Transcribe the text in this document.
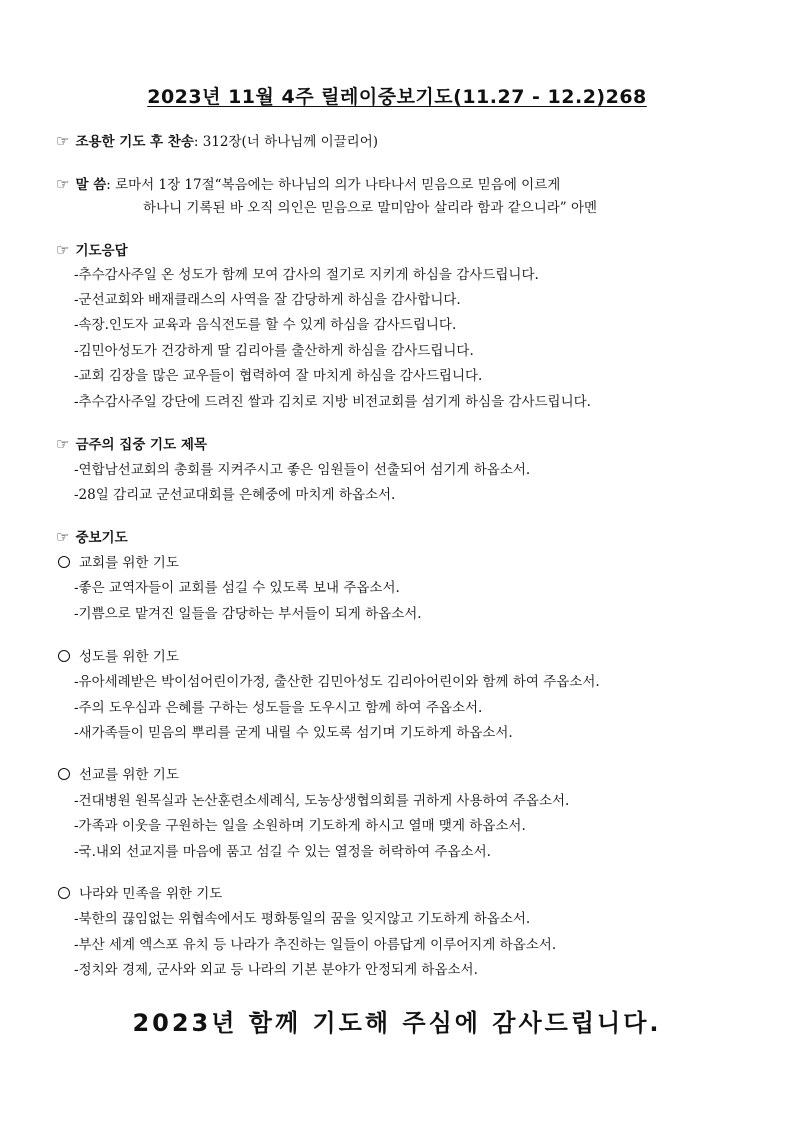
2023년 11월 4주 릴레이중보기도(11.27 - 12.2)268
☞ 조용한 기도 후 찬송: 312장(너 하나님께 이끌리어)
☞ 말 씀: 로마서 1장 17절“복음에는 하나님의 의가 나타나서 믿음으로 믿음에 이르게
하나니 기록된 바 오직 의인은 믿음으로 말미암아 살리라 함과 같으니라” 아멘
☞ 기도응답
-추수감사주일 온 성도가 함께 모여 감사의 절기로 지키게 하심을 감사드립니다.
-군선교회와 배재클래스의 사역을 잘 감당하게 하심을 감사합니다.
-속장.인도자 교육과 음식전도를 할 수 있게 하심을 감사드립니다.
-김민아성도가 건강하게 딸 김리아를 출산하게 하심을 감사드립니다.
-교회 김장을 많은 교우들이 협력하여 잘 마치게 하심을 감사드립니다.
-추수감사주일 강단에 드려진 쌀과 김치로 지방 비전교회를 섬기게 하심을 감사드립니다.
☞ 금주의 집중 기도 제목
-연합남선교회의 총회를 지켜주시고 좋은 임원들이 선출되어 섬기게 하옵소서.
-28일 감리교 군선교대회를 은혜중에 마치게 하옵소서.
☞ 중보기도
교회를 위한 기도
-좋은 교역자들이 교회를 섬길 수 있도록 보내 주옵소서.
-기쁨으로 맡겨진 일들을 감당하는 부서들이 되게 하옵소서.
성도를 위한 기도
-유아세례받은 박이섬어린이가정, 출산한 김민아성도 김리아어린이와 함께 하여 주옵소서.
-주의 도우심과 은혜를 구하는 성도들을 도우시고 함께 하여 주옵소서.
-새가족들이 믿음의 뿌리를 굳게 내릴 수 있도록 섬기며 기도하게 하옵소서.
선교를 위한 기도
-건대병원 원목실과 논산훈련소세례식, 도농상생협의회를 귀하게 사용하여 주옵소서.
-가족과 이웃을 구원하는 일을 소원하며 기도하게 하시고 열매 맺게 하옵소서.
-국.내외 선교지를 마음에 품고 섬길 수 있는 열정을 허락하여 주옵소서.
나라와 민족을 위한 기도
-북한의 끊임없는 위협속에서도 평화통일의 꿈을 잊지않고 기도하게 하옵소서.
-부산 세계 엑스포 유치 등 나라가 추진하는 일들이 아름답게 이루어지게 하옵소서.
-정치와 경제, 군사와 외교 등 나라의 기본 분야가 안정되게 하옵소서.
2023년 함께 기도해 주심에 감사드립니다.
